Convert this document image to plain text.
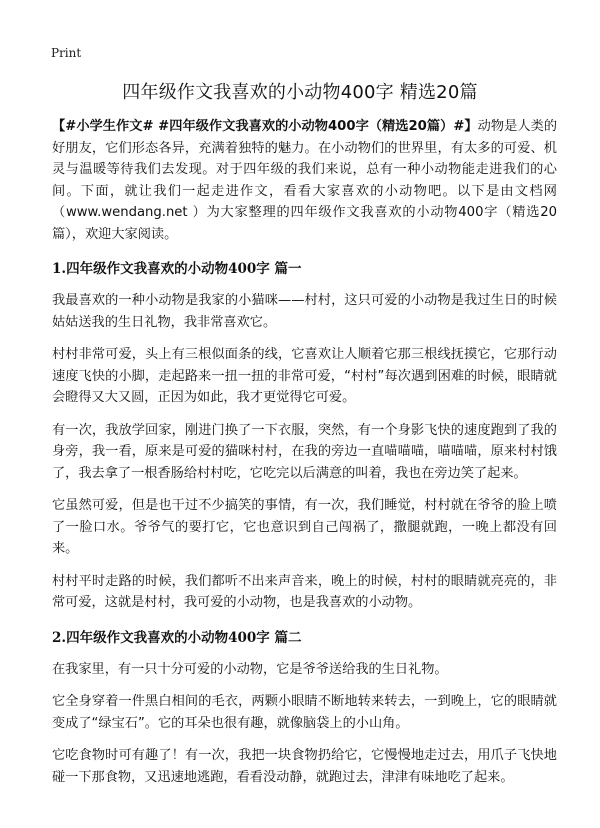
Print
四年级作文我喜欢的小动物400字 精选20篇

【#小学生作文# #四年级作文我喜欢的小动物400字（精选20篇）#】动物是人类的好朋友，它们形态各异，充满着独特的魅力。在小动物们的世界里，有太多的可爱、机灵与温暖等待我们去发现。对于四年级的我们来说，总有一种小动物能走进我们的心间。下面，就让我们一起走进作文，看看大家喜欢的小动物吧。以下是由文档网（www.wendang.net ）为大家整理的四年级作文我喜欢的小动物400字（精选20篇），欢迎大家阅读。

1.四年级作文我喜欢的小动物400字 篇一

我最喜欢的一种小动物是我家的小猫咪——村村，这只可爱的小动物是我过生日的时候姑姑送我的生日礼物，我非常喜欢它。

村村非常可爱，头上有三根似面条的线，它喜欢让人顺着它那三根线抚摸它，它那行动速度飞快的小脚，走起路来一扭一扭的非常可爱，“村村”每次遇到困难的时候，眼睛就会瞪得又大又圆，正因为如此，我才更觉得它可爱。

有一次，我放学回家，刚进门换了一下衣服，突然，有一个身影飞快的速度跑到了我的身旁，我一看，原来是可爱的猫咪村村，在我的旁边一直喵喵喵，喵喵喵，原来村村饿了，我去拿了一根香肠给村村吃，它吃完以后满意的叫着，我也在旁边笑了起来。

它虽然可爱，但是也干过不少搞笑的事情，有一次，我们睡觉，村村就在爷爷的脸上喷了一脸口水。爷爷气的要打它，它也意识到自己闯祸了，撒腿就跑，一晚上都没有回来。

村村平时走路的时候，我们都听不出来声音来，晚上的时候，村村的眼睛就亮亮的，非常可爱，这就是村村，我可爱的小动物，也是我喜欢的小动物。

2.四年级作文我喜欢的小动物400字 篇二

在我家里，有一只十分可爱的小动物，它是爷爷送给我的生日礼物。

它全身穿着一件黑白相间的毛衣，两颗小眼睛不断地转来转去，一到晚上，它的眼睛就变成了“绿宝石”。它的耳朵也很有趣，就像脑袋上的小山角。

它吃食物时可有趣了！有一次，我把一块食物扔给它，它慢慢地走过去，用爪子飞快地碰一下那食物，又迅速地逃跑，看看没动静，就跑过去，津津有味地吃了起来。
